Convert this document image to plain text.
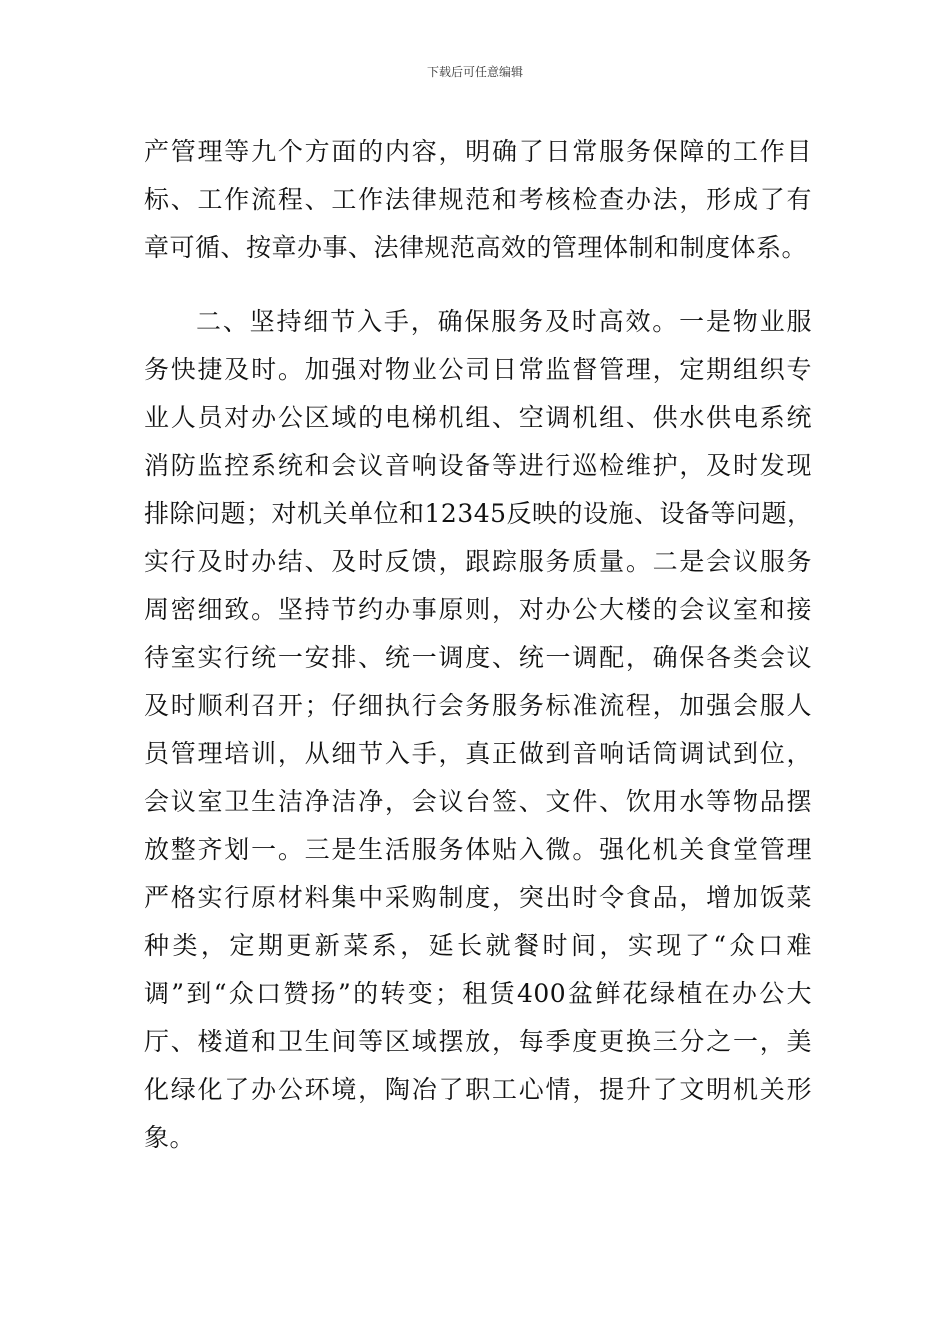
下载后可任意编辑
产管理等九个方面的内容，明确了日常服务保障的工作目
标、工作流程、工作法律规范和考核检查办法，形成了有
章可循、按章办事、法律规范高效的管理体制和制度体系。
二、坚持细节入手，确保服务及时高效。一是物业服
务快捷及时。加强对物业公司日常监督管理，定期组织专
业人员对办公区域的电梯机组、空调机组、供水供电系统
消防监控系统和会议音响设备等进行巡检维护，及时发现
排除问题；对机关单位和12345反映的设施、设备等问题，
实行及时办结、及时反馈，跟踪服务质量。二是会议服务
周密细致。坚持节约办事原则，对办公大楼的会议室和接
待室实行统一安排、统一调度、统一调配，确保各类会议
及时顺利召开；仔细执行会务服务标准流程，加强会服人
员管理培训，从细节入手，真正做到音响话筒调试到位，
会议室卫生洁净洁净，会议台签、文件、饮用水等物品摆
放整齐划一。三是生活服务体贴入微。强化机关食堂管理
严格实行原材料集中采购制度，突出时令食品，增加饭菜
种类，定期更新菜系，延长就餐时间，实现了“众口难
调”到“众口赞扬”的转变；租赁400盆鲜花绿植在办公大
厅、楼道和卫生间等区域摆放，每季度更换三分之一，美
化绿化了办公环境，陶冶了职工心情，提升了文明机关形
象。
